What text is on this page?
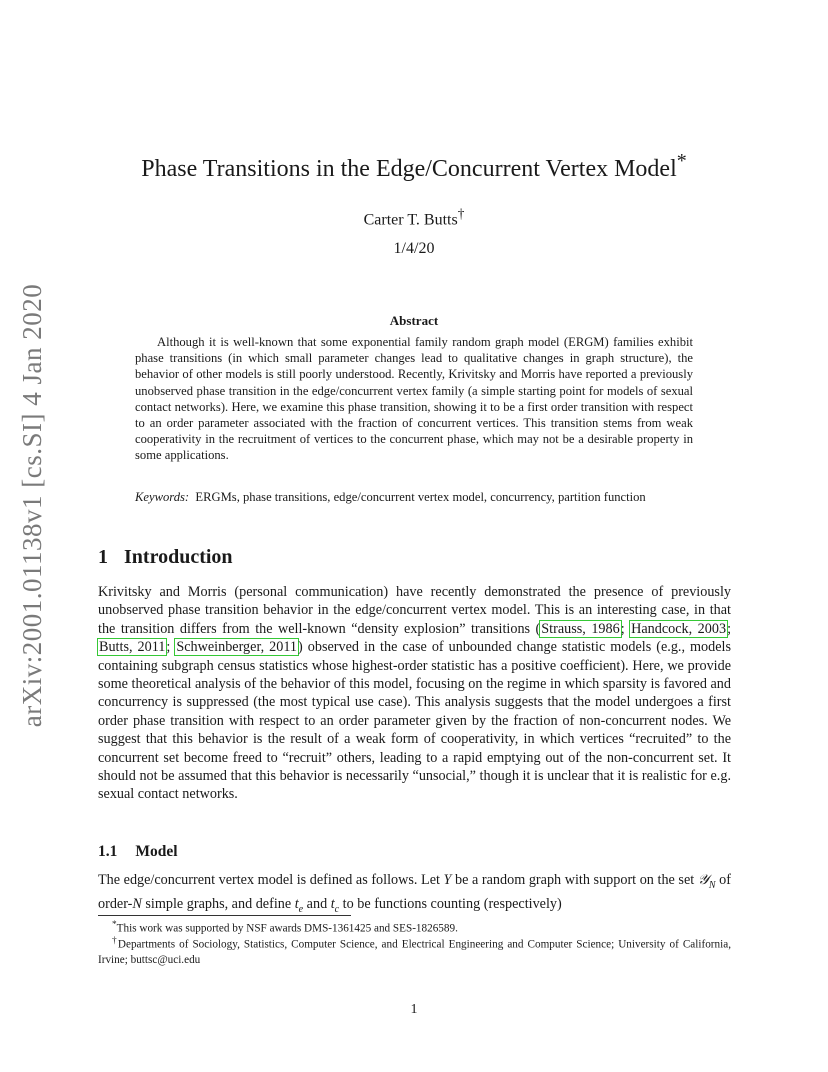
arXiv:2001.01138v1 [cs.SI] 4 Jan 2020
Phase Transitions in the Edge/Concurrent Vertex Model*
Carter T. Butts†
1/4/20
Abstract

Although it is well-known that some exponential family random graph model (ERGM) families exhibit phase transitions (in which small parameter changes lead to qualitative changes in graph structure), the behavior of other models is still poorly understood. Recently, Krivitsky and Morris have reported a previously unobserved phase transition in the edge/concurrent vertex family (a simple starting point for models of sexual contact networks). Here, we examine this phase transition, showing it to be a first order transition with respect to an order parameter associated with the fraction of concurrent vertices. This transition stems from weak cooperativity in the recruitment of vertices to the concurrent phase, which may not be a desirable property in some applications.

Keywords: ERGMs, phase transitions, edge/concurrent vertex model, concurrency, partition function

1 Introduction

Krivitsky and Morris (personal communication) have recently demonstrated the presence of previously unobserved phase transition behavior in the edge/concurrent vertex model. This is an interesting case, in that the transition differs from the well-known “density explosion” transitions (Strauss, 1986; Handcock, 2003; Butts, 2011; Schweinberger, 2011) observed in the case of unbounded change statistic models (e.g., models containing subgraph census statistics whose highest-order statistic has a positive coefficient). Here, we provide some theoretical analysis of the behavior of this model, focusing on the regime in which sparsity is favored and concurrency is suppressed (the most typical use case). This analysis suggests that the model undergoes a first order phase transition with respect to an order parameter given by the fraction of non-concurrent nodes. We suggest that this behavior is the result of a weak form of cooperativity, in which vertices “recruited” to the concurrent set become freed to “recruit” others, leading to a rapid emptying out of the non-concurrent set. It should not be assumed that this behavior is necessarily “unsocial,” though it is unclear that it is realistic for e.g. sexual contact networks.

1.1 Model

The edge/concurrent vertex model is defined as follows. Let Y be a random graph with support on the set 𝒴$_N$ of order-N simple graphs, and define $t_e$ and $t_c$ to be functions counting (respectively)

*This work was supported by NSF awards DMS-1361425 and SES-1826589.

†Departments of Sociology, Statistics, Computer Science, and Electrical Engineering and Computer Science; University of California, Irvine; buttsc@uci.edu

1
